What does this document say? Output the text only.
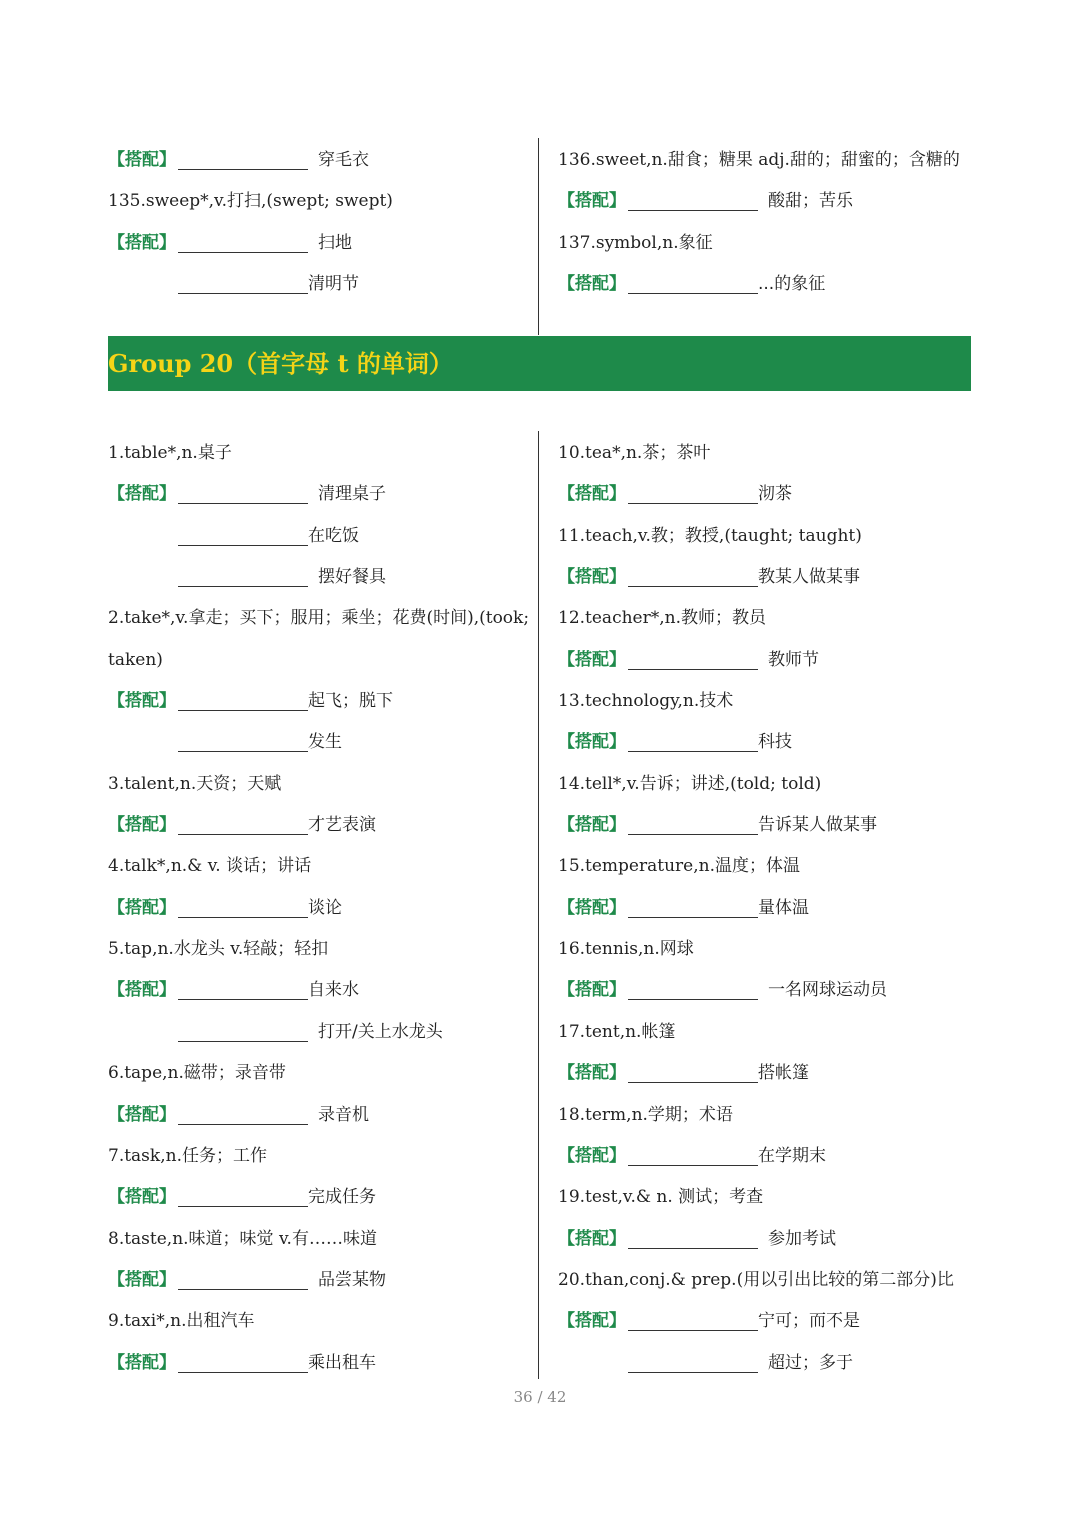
【搭配】	穿毛衣
135.sweep*,v.打扫,(swept; swept)
【搭配】	扫地
清明节
136.sweet,n.甜食；糖果 adj.甜的；甜蜜的；含糖的
【搭配】	酸甜；苦乐
137.symbol,n.象征
【搭配】	...的象征
Group 20（首字母 t 的单词）
1.table*,n.桌子
【搭配】	清理桌子
在吃饭
摆好餐具
2.take*,v.拿走；买下；服用；乘坐；花费(时间),(took;
taken)
【搭配】	起飞；脱下
发生
3.talent,n.天资；天赋
【搭配】	才艺表演
4.talk*,n.& v. 谈话；讲话
【搭配】	谈论
5.tap,n.水龙头 v.轻敲；轻扣
【搭配】	自来水
打开/关上水龙头
6.tape,n.磁带；录音带
【搭配】	录音机
7.task,n.任务；工作
【搭配】	完成任务
8.taste,n.味道；味觉 v.有……味道
【搭配】	品尝某物
9.taxi*,n.出租汽车
【搭配】	乘出租车
10.tea*,n.茶；茶叶
【搭配】	沏茶
11.teach,v.教；教授,(taught; taught)
【搭配】	教某人做某事
12.teacher*,n.教师；教员
【搭配】	教师节
13.technology,n.技术
【搭配】	科技
14.tell*,v.告诉；讲述,(told; told)
【搭配】	告诉某人做某事
15.temperature,n.温度；体温
【搭配】	量体温
16.tennis,n.网球
【搭配】	一名网球运动员
17.tent,n.帐篷
【搭配】	搭帐篷
18.term,n.学期；术语
【搭配】	在学期末
19.test,v.& n. 测试；考查
【搭配】	参加考试
20.than,conj.& prep.(用以引出比较的第二部分)比
【搭配】	宁可；而不是
超过；多于
36 / 42
